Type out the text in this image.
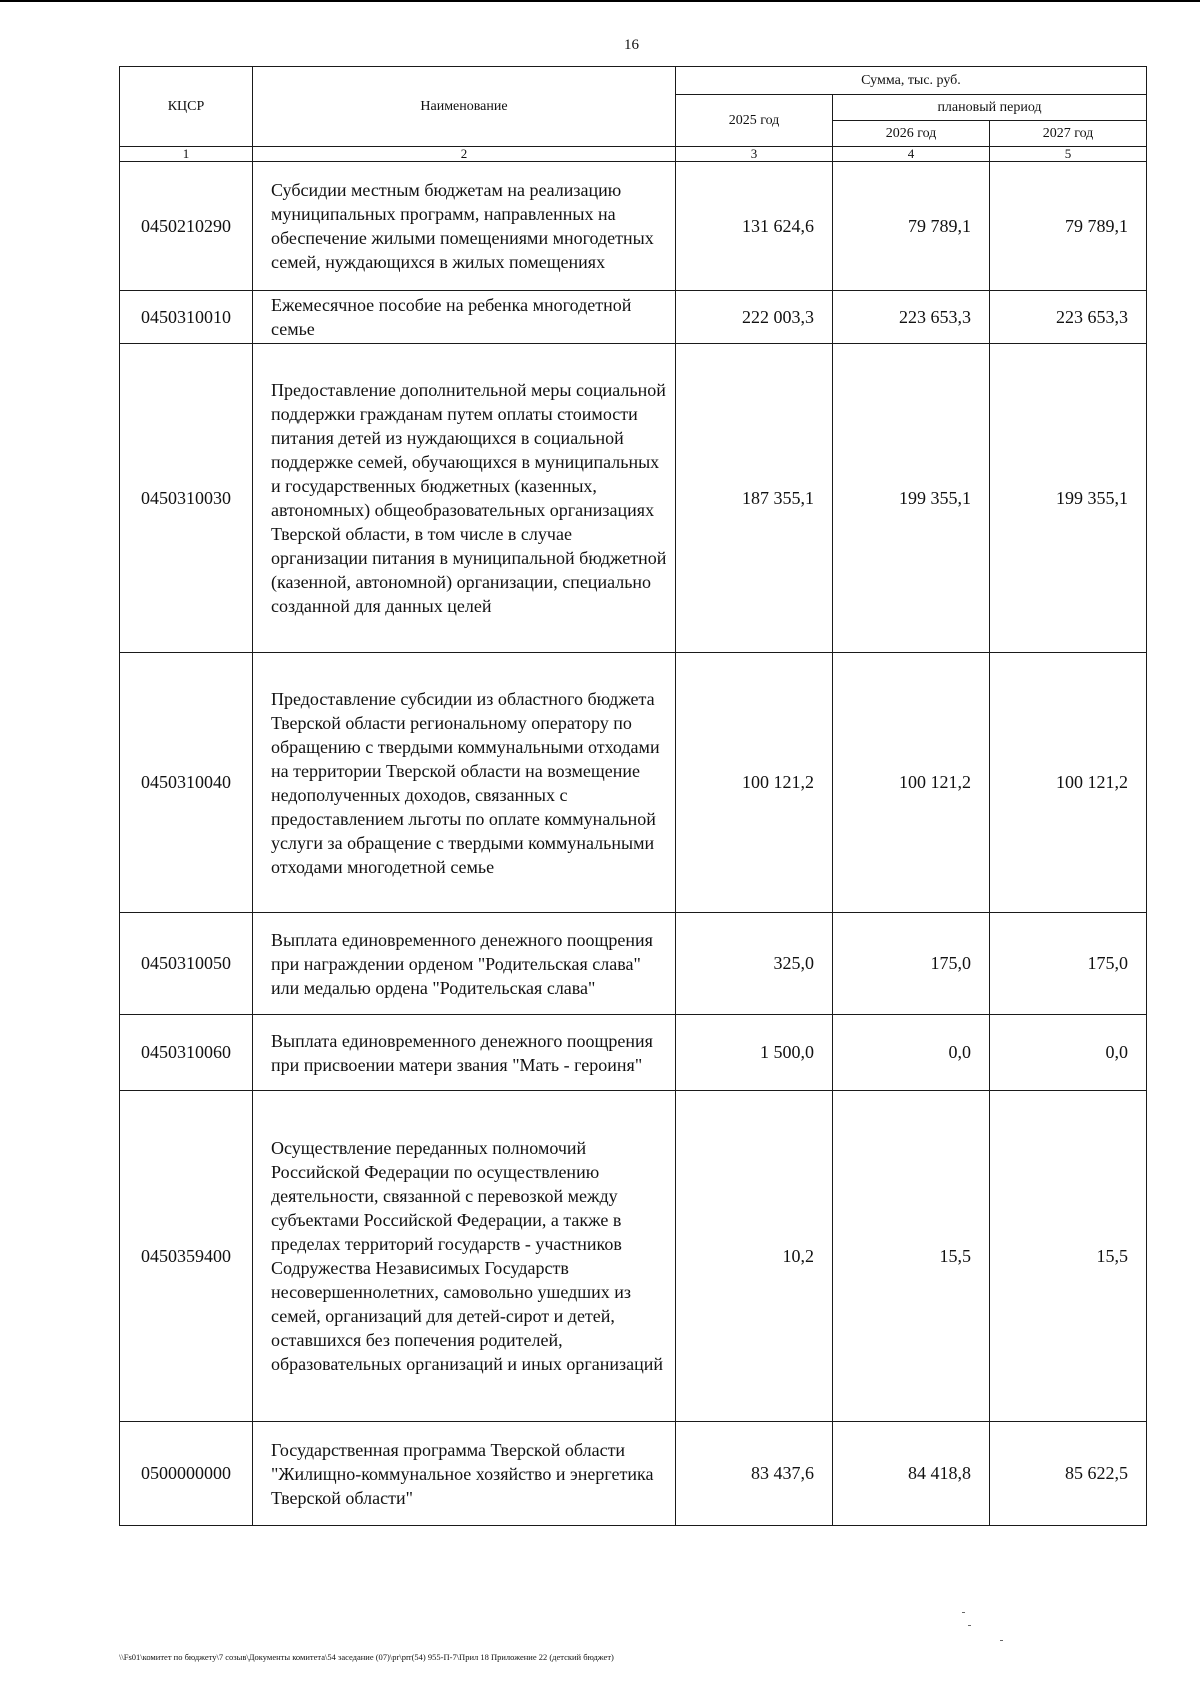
16
КЦСР	Наименование	Сумма, тыс. руб.		
		2025 год	плановый период	
			2026 год	2027 год
1	2	3	4	5
0450210290	Субсидии местным бюджетам на реализацию муниципальных программ, направленных на обеспечение жилыми помещениями многодетных семей, нуждающихся в жилых помещениях	131 624,6	79 789,1	79 789,1
0450310010	Ежемесячное пособие на ребенка многодетной семье	222 003,3	223 653,3	223 653,3
0450310030	Предоставление дополнительной меры социальной поддержки гражданам путем оплаты стоимости питания детей из нуждающихся в социальной поддержке семей, обучающихся в муниципальных и государственных бюджетных (казенных, автономных) общеобразовательных организациях Тверской области, в том числе в случае организации питания в муниципальной бюджетной (казенной, автономной) организации, специально созданной для данных целей	187 355,1	199 355,1	199 355,1
0450310040	Предоставление субсидии из областного бюджета Тверской области региональному оператору по обращению с твердыми коммунальными отходами на территории Тверской области на возмещение недополученных доходов, связанных с предоставлением льготы по оплате коммунальной услуги за обращение с твердыми коммунальными отходами многодетной семье	100 121,2	100 121,2	100 121,2
0450310050	Выплата единовременного денежного поощрения при награждении орденом "Родительская слава" или медалью ордена "Родительская слава"	325,0	175,0	175,0
0450310060	Выплата единовременного денежного поощрения при присвоении матери звания "Мать - героиня"	1 500,0	0,0	0,0
0450359400	Осуществление переданных полномочий Российской Федерации по осуществлению деятельности, связанной с перевозкой между субъектами Российской Федерации, а также в пределах территорий государств - участников Содружества Независимых Государств несовершеннолетних, самовольно ушедших из семей, организаций для детей-сирот и детей, оставшихся без попечения родителей, образовательных организаций и иных организаций	10,2	15,5	15,5
0500000000	Государственная программа Тверской области "Жилищно-коммунальное хозяйство и энергетика Тверской области"	83 437,6	84 418,8	85 622,5
\\Fs01\комитет по бюджету\7 созыв\Документы комитета\54 заседание (07)\pr\prr(54) 955-П-7\Прил 18 Приложение 22 (детский бюджет)
